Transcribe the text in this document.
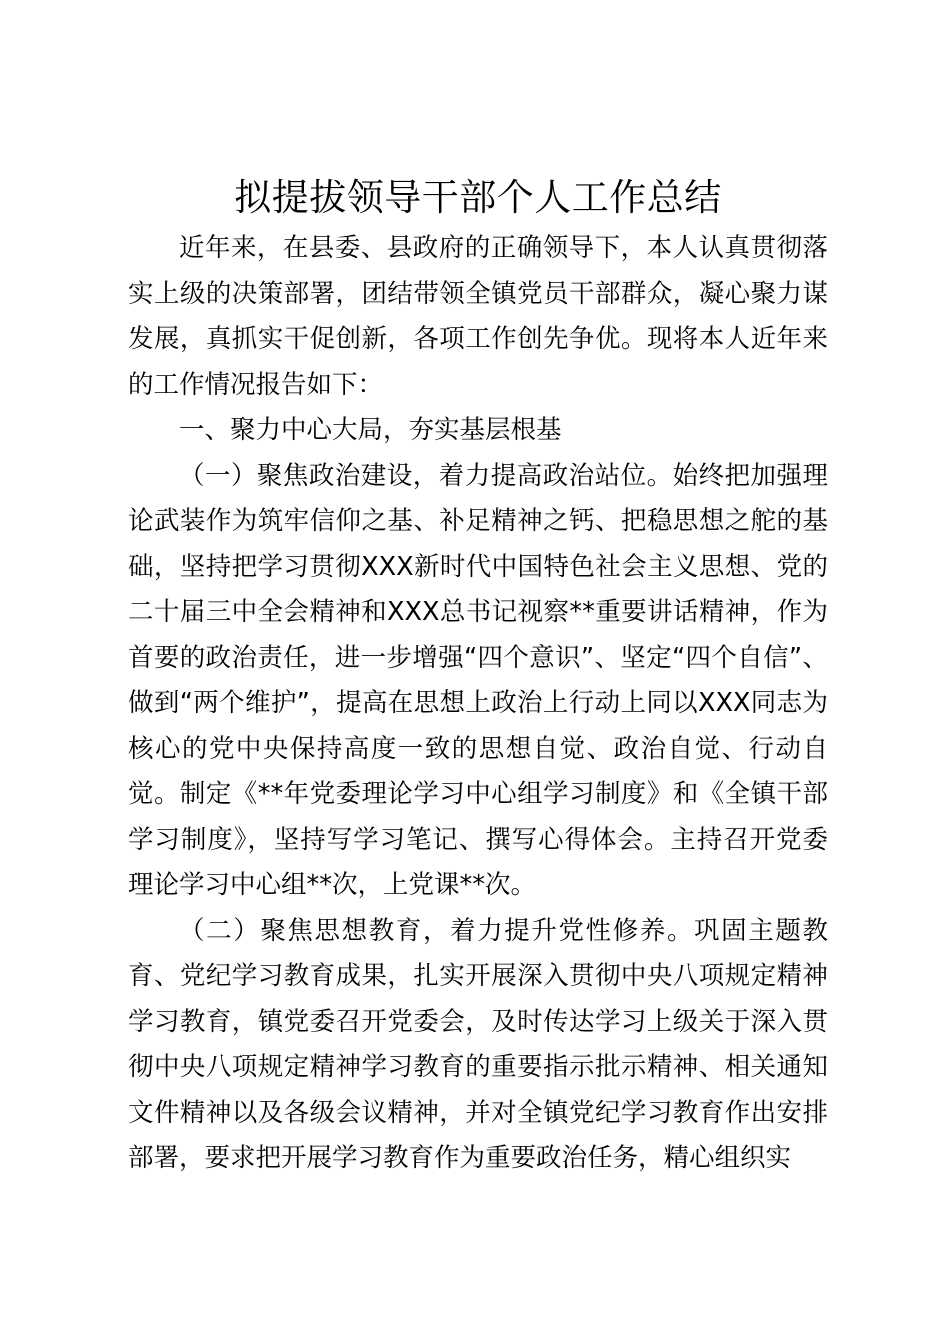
拟提拔领导干部个人工作总结

近年来，在县委、县政府的正确领导下，本人认真贯彻落实上级的决策部署，团结带领全镇党员干部群众，凝心聚力谋发展，真抓实干促创新，各项工作创先争优。现将本人近年来的工作情况报告如下：

一、聚力中心大局，夯实基层根基

（一）聚焦政治建设，着力提高政治站位。始终把加强理论武装作为筑牢信仰之基、补足精神之钙、把稳思想之舵的基础，坚持把学习贯彻XXX新时代中国特色社会主义思想、党的二十届三中全会精神和XXX总书记视察**重要讲话精神，作为首要的政治责任，进一步增强“四个意识”、坚定“四个自信”、做到“两个维护”，提高在思想上政治上行动上同以XXX同志为核心的党中央保持高度一致的思想自觉、政治自觉、行动自觉。制定《**年党委理论学习中心组学习制度》和《全镇干部学习制度》，坚持写学习笔记、撰写心得体会。主持召开党委理论学习中心组**次，上党课**次。

（二）聚焦思想教育，着力提升党性修养。巩固主题教育、党纪学习教育成果，扎实开展深入贯彻中央八项规定精神学习教育，镇党委召开党委会，及时传达学习上级关于深入贯彻中央八项规定精神学习教育的重要指示批示精神、相关通知文件精神以及各级会议精神，并对全镇党纪学习教育作出安排部署，要求把开展学习教育作为重要政治任务，精心组织实
